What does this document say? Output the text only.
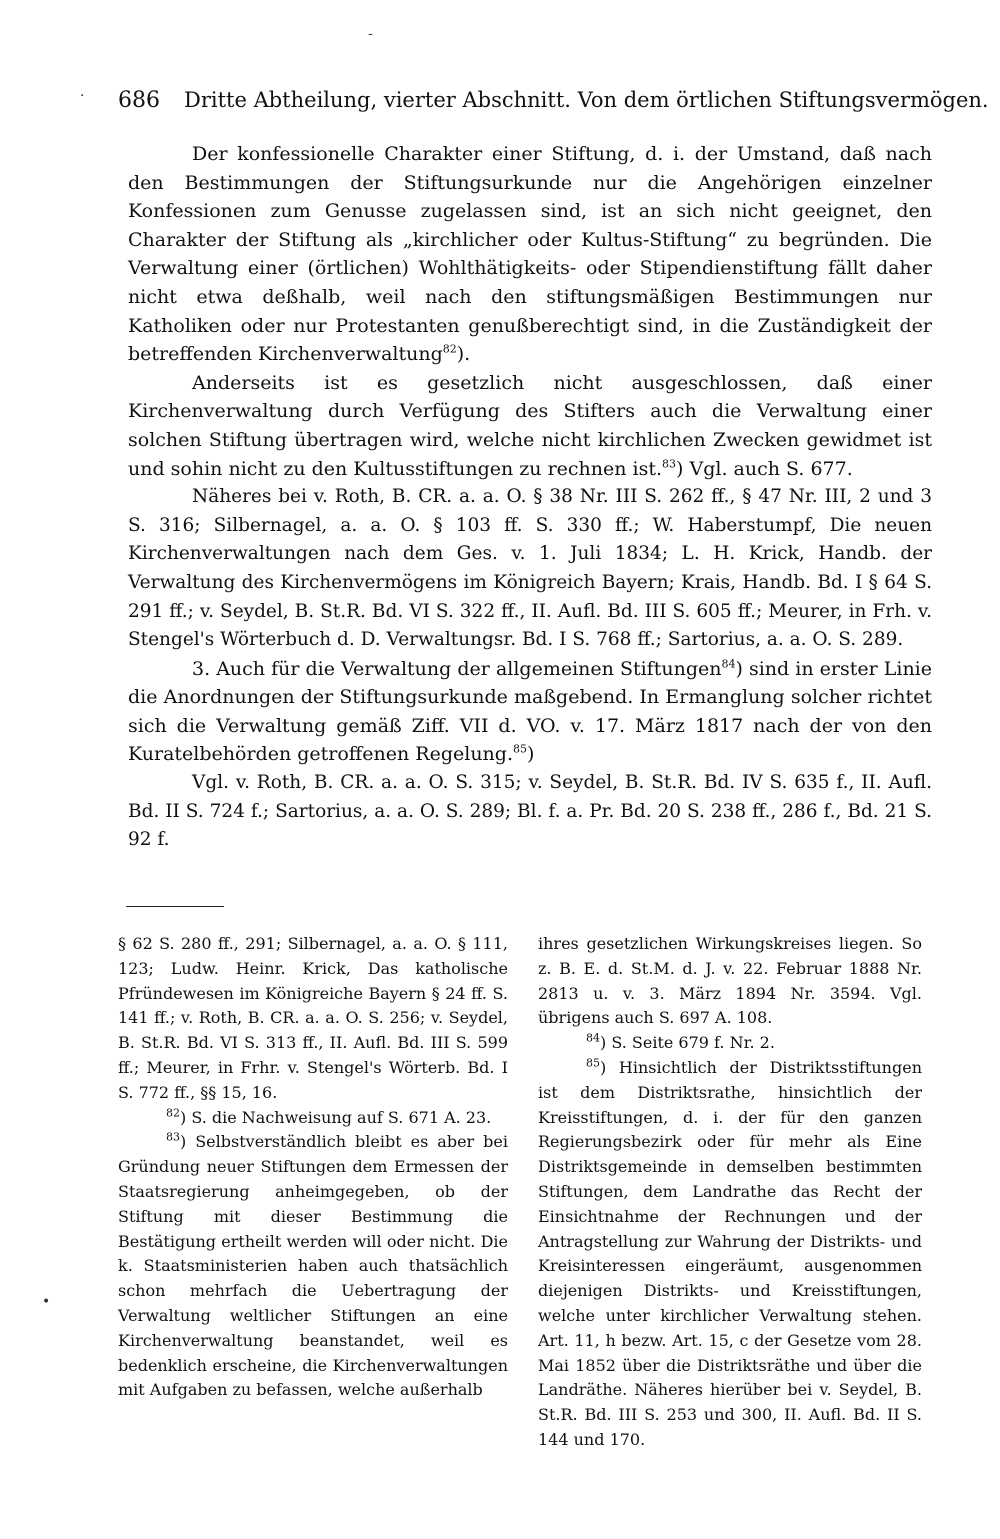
-
·
•
686 Dritte Abtheilung, vierter Abschnitt. Von dem örtlichen Stiftungsvermögen.

Der konfessionelle Charakter einer Stiftung, d. i. der Umstand, daß nach den Bestimmungen der Stiftungsurkunde nur die Angehörigen einzelner Konfessionen zum Genusse zugelassen sind, ist an sich nicht geeignet, den Charakter der Stiftung als „kirchlicher oder Kultus-Stiftung“ zu begründen. Die Verwaltung einer (örtlichen) Wohlthätigkeits- oder Stipendienstiftung fällt daher nicht etwa deßhalb, weil nach den stiftungsmäßigen Bestimmungen nur Katholiken oder nur Protestanten genußberechtigt sind, in die Zuständigkeit der betreffenden Kirchenverwaltung$^{82}$).

Anderseits ist es gesetzlich nicht ausgeschlossen, daß einer Kirchenverwaltung durch Verfügung des Stifters auch die Verwaltung einer solchen Stiftung übertragen wird, welche nicht kirchlichen Zwecken gewidmet ist und sohin nicht zu den Kultusstiftungen zu rechnen ist.$^{83}$) Vgl. auch S. 677.

Näheres bei v. Roth, B. CR. a. a. O. § 38 Nr. III S. 262 ff., § 47 Nr. III, 2 und 3 S. 316; Silbernagel, a. a. O. § 103 ff. S. 330 ff.; W. Haberstumpf, Die neuen Kirchenverwaltungen nach dem Ges. v. 1. Juli 1834; L. H. Krick, Handb. der Verwaltung des Kirchenvermögens im Königreich Bayern; Krais, Handb. Bd. I § 64 S. 291 ff.; v. Seydel, B. St.R. Bd. VI S. 322 ff., II. Aufl. Bd. III S. 605 ff.; Meurer, in Frh. v. Stengel's Wörterbuch d. D. Verwaltungsr. Bd. I S. 768 ff.; Sartorius, a. a. O. S. 289.

3. Auch für die Verwaltung der allgemeinen Stiftungen$^{84}$) sind in erster Linie die Anordnungen der Stiftungsurkunde maßgebend. In Ermanglung solcher richtet sich die Verwaltung gemäß Ziff. VII d. VO. v. 17. März 1817 nach der von den Kuratelbehörden getroffenen Regelung.$^{85}$)

Vgl. v. Roth, B. CR. a. a. O. S. 315; v. Seydel, B. St.R. Bd. IV S. 635 f., II. Aufl. Bd. II S. 724 f.; Sartorius, a. a. O. S. 289; Bl. f. a. Pr. Bd. 20 S. 238 ff., 286 f., Bd. 21 S. 92 f.

§ 62 S. 280 ff., 291; Silbernagel, a. a. O. § 111, 123; Ludw. Heinr. Krick, Das katholische Pfründewesen im Königreiche Bayern § 24 ff. S. 141 ff.; v. Roth, B. CR. a. a. O. S. 256; v. Seydel, B. St.R. Bd. VI S. 313 ff., II. Aufl. Bd. III S. 599 ff.; Meurer, in Frhr. v. Stengel's Wörterb. Bd. I S. 772 ff., §§ 15, 16.

$^{82}$) S. die Nachweisung auf S. 671 A. 23.

$^{83}$) Selbstverständlich bleibt es aber bei Gründung neuer Stiftungen dem Ermessen der Staatsregierung anheimgegeben, ob der Stiftung mit dieser Bestimmung die Bestätigung ertheilt werden will oder nicht. Die k. Staatsministerien haben auch thatsächlich schon mehrfach die Uebertragung der Verwaltung weltlicher Stiftungen an eine Kirchenverwaltung beanstandet, weil es bedenklich erscheine, die Kirchenverwaltungen mit Aufgaben zu befassen, welche außerhalb

ihres gesetzlichen Wirkungskreises liegen. So z. B. E. d. St.M. d. J. v. 22. Februar 1888 Nr. 2813 u. v. 3. März 1894 Nr. 3594. Vgl. übrigens auch S. 697 A. 108.

$^{84}$) S. Seite 679 f. Nr. 2.

$^{85}$) Hinsichtlich der Distriktsstiftungen ist dem Distriktsrathe, hinsichtlich der Kreisstiftungen, d. i. der für den ganzen Regierungsbezirk oder für mehr als Eine Distriktsgemeinde in demselben bestimmten Stiftungen, dem Landrathe das Recht der Einsichtnahme der Rechnungen und der Antragstellung zur Wahrung der Distrikts- und Kreisinteressen eingeräumt, ausgenommen diejenigen Distrikts- und Kreisstiftungen, welche unter kirchlicher Verwaltung stehen. Art. 11, h bezw. Art. 15, c der Gesetze vom 28. Mai 1852 über die Distriktsräthe und über die Landräthe. Näheres hierüber bei v. Seydel, B. St.R. Bd. III S. 253 und 300, II. Aufl. Bd. II S. 144 und 170.
